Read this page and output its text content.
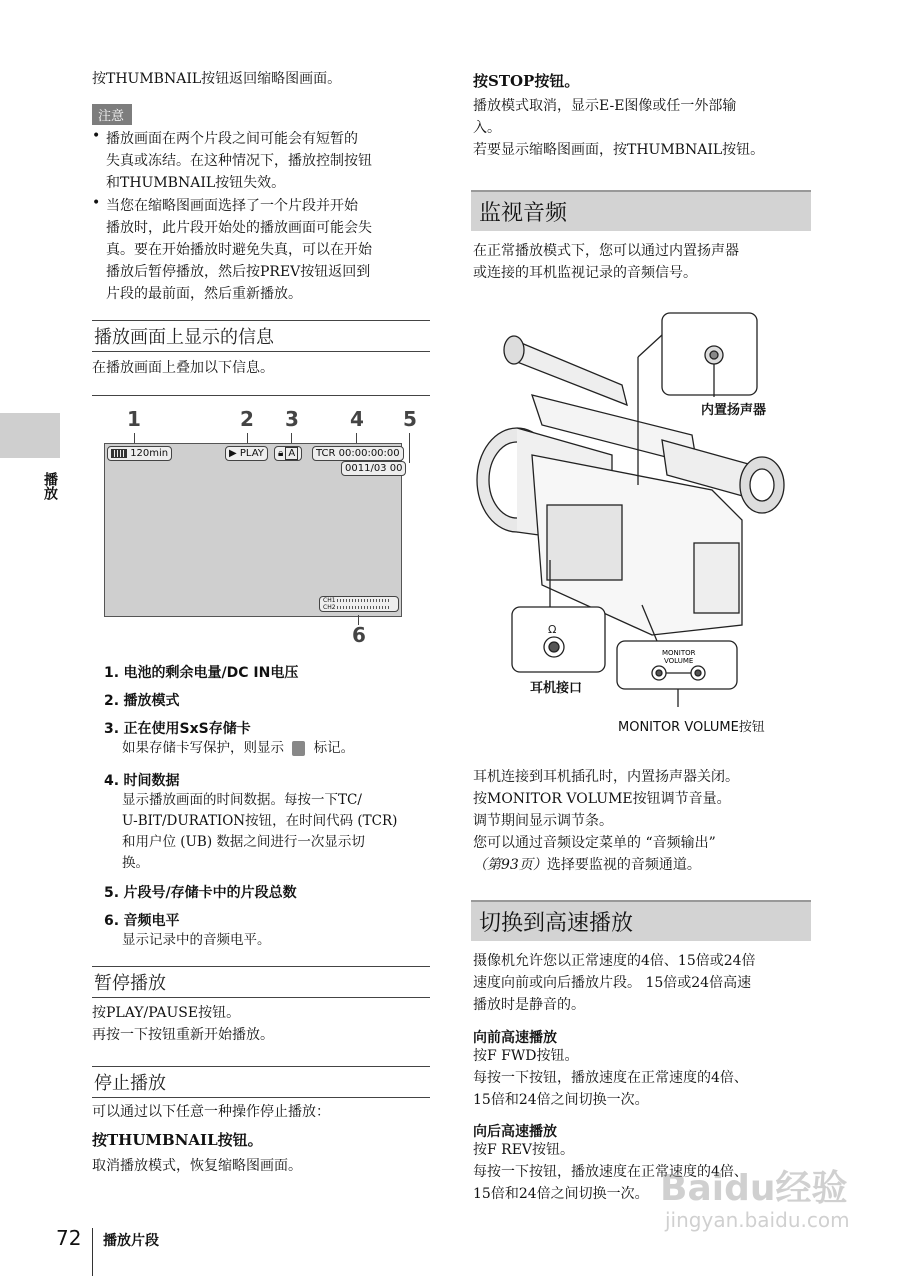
播放
按THUMBNAIL按钮返回缩略图画面。
注意
• 播放画面在两个片段之间可能会有短暂的
失真或冻结。在这种情况下，播放控制按钮
和THUMBNAIL按钮失效。
• 当您在缩略图画面选择了一个片段并开始
播放时，此片段开始处的播放画面可能会失
真。要在开始播放时避免失真，可以在开始
播放后暂停播放，然后按PREV按钮返回到
片段的最前面，然后重新播放。
播放画面上显示的信息
在播放画面上叠加以下信息。
1	2 3	4 5
120min	▶ PLAY	🔒︎ A	TCR 00:00:00:00
0011/03 00
CH1
CH2
6
1. 电池的剩余电量/DC IN电压
2. 播放模式
3. 正在使用SxS存储卡
如果存储卡写保护，则显示 标记。
4. 时间数据
显示播放画面的时间数据。每按一下TC/
U-BIT/DURATION按钮，在时间代码 (TCR)
和用户位 (UB) 数据之间进行一次显示切
换。
5. 片段号/存储卡中的片段总数
6. 音频电平
显示记录中的音频电平。
暂停播放
按PLAY/PAUSE按钮。
再按一下按钮重新开始播放。
停止播放
可以通过以下任意一种操作停止播放：
按THUMBNAIL按钮。
取消播放模式，恢复缩略图画面。
按STOP按钮。
播放模式取消，显示E-E图像或任一外部输
入。
若要显示缩略图画面，按THUMBNAIL按钮。
监视音频
在正常播放模式下，您可以通过内置扬声器
或连接的耳机监视记录的音频信号。
MONITOR VOLUME
Ω
内置扬声器
耳机接口
MONITOR VOLUME按钮
耳机连接到耳机插孔时，内置扬声器关闭。
按MONITOR VOLUME按钮调节音量。
调节期间显示调节条。
您可以通过音频设定菜单的 “音频输出”
（第93页）选择要监视的音频通道。
切换到高速播放
摄像机允许您以正常速度的4倍、15倍或24倍
速度向前或向后播放片段。 15倍或24倍高速
播放时是静音的。
向前高速播放
按F FWD按钮。
每按一下按钮，播放速度在正常速度的4倍、
15倍和24倍之间切换一次。
向后高速播放
按F REV按钮。
每按一下按钮，播放速度在正常速度的4倍、
15倍和24倍之间切换一次。 Baidu经验
jingyan.baidu.com
72 播放片段
